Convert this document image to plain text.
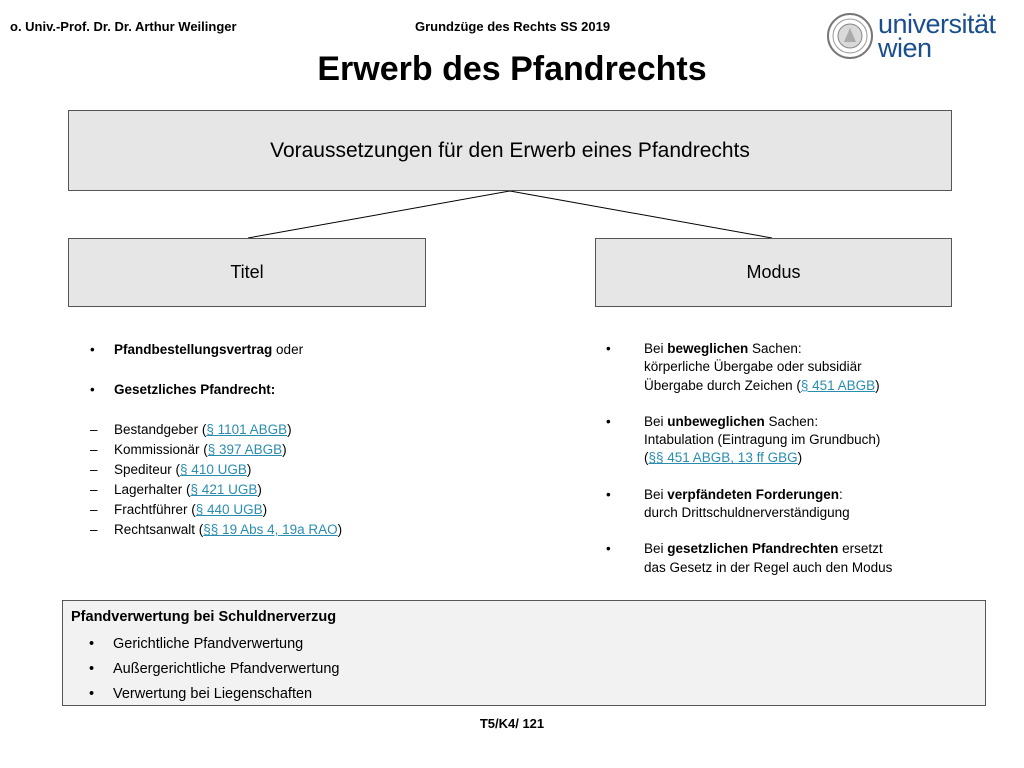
o. Univ.-Prof. Dr. Dr. Arthur Weilinger	Grundzüge des Rechts SS 2019	universität
wien
Erwerb des Pfandrechts
Voraussetzungen für den Erwerb eines Pfandrechts
Titel	Modus
• Pfandbestellungsvertrag oder
• Gesetzliches Pfandrecht:
– Bestandgeber (§ 1101 ABGB)
– Kommissionär (§ 397 ABGB)
– Spediteur (§ 410 UGB)
– Lagerhalter (§ 421 UGB)
– Frachtführer (§ 440 UGB)
– Rechtsanwalt (§§ 19 Abs 4, 19a RAO)
• Bei beweglichen Sachen:
körperliche Übergabe oder subsidiär
Übergabe durch Zeichen (§ 451 ABGB)
• Bei unbeweglichen Sachen:
Intabulation (Eintragung im Grundbuch)
(§§ 451 ABGB, 13 ff GBG)
• Bei verpfändeten Forderungen:
durch Drittschuldnerverständigung
• Bei gesetzlichen Pfandrechten ersetzt
das Gesetz in der Regel auch den Modus
Pfandverwertung bei Schuldnerverzug
• Gerichtliche Pfandverwertung
• Außergerichtliche Pfandverwertung
• Verwertung bei Liegenschaften
T5/K4/ 121
